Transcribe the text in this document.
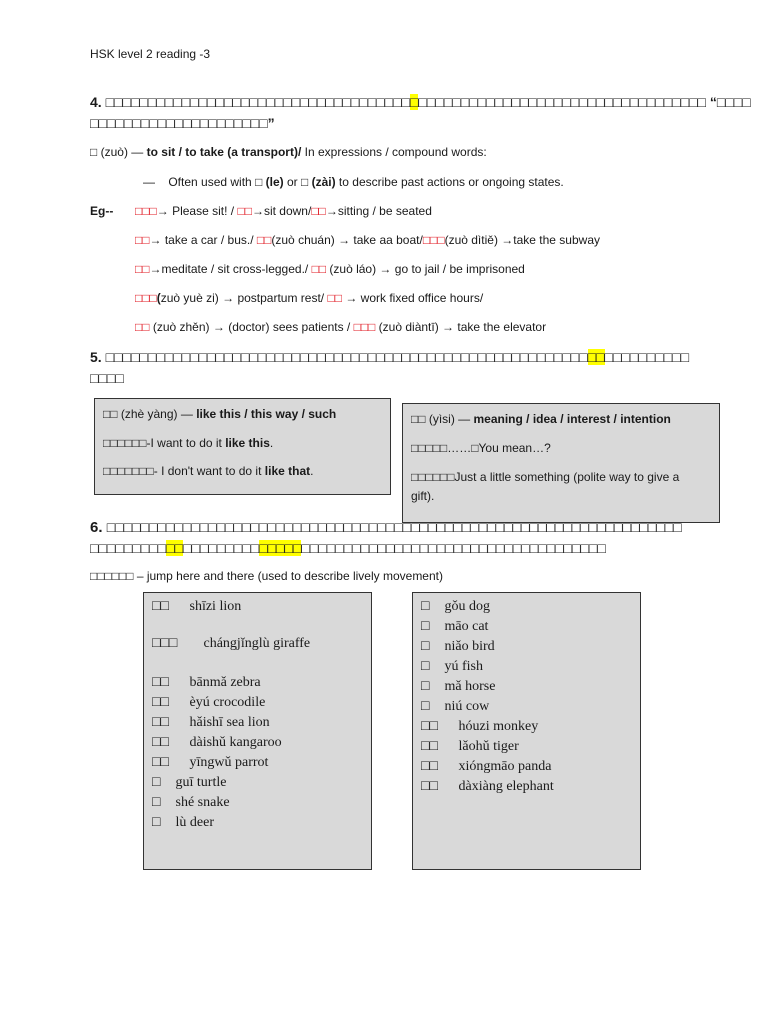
HSK level 2 reading -3
4. □□□□□□□□□□□□□□□□□□□□□□□□□□□□□□□□□□□□□□□□□□□□□□□□□□□□□□□□□□□□□□□□□□□□□□□ “□□□□
□□□□□□□□□□□□□□□□□□□□□”
□ (zuò) — to sit / to take (a transport)/ In expressions / compound words:
— Often used with □ (le) or □ (zài) to describe past actions or ongoing states.
Eg-- □□□→ Please sit! / □□→sit down/□□→sitting / be seated
□□→ take a car / bus./ □□(zuò chuán) → take aa boat/□□□(zuò dìtiě) →take the subway
□□→meditate / sit cross-legged./ □□ (zuò láo) → go to jail / be imprisoned
□□□(zuò yuè zi) → postpartum rest/ □□ → work fixed office hours/
□□ (zuò zhěn) → (doctor) sees patients / □□□ (zuò diàntī) → take the elevator
5. □□□□□□□□□□□□□□□□□□□□□□□□□□□□□□□□□□□□□□□□□□□□□□□□□□□□□□□□□□□□□□□□□□□□□
□□□□
□□ (zhè yàng) — like this / this way / such
□□□□□□-I want to do it like this.
□□□□□□□- I don't want to do it like that.
□□ (yìsi) — meaning / idea / interest / intention
□□□□□……□You mean…?
□□□□□□Just a little something (polite way to give a
gift).
6. □□□□□□□□□□□□□□□□□□□□□□□□□□□□□□□□□□□□□□□□□□□□□□□□□□□□□□□□□□□□□□□□□□□□
□□□□□□□□□□□□□□□□□□□□□□□□□□□□□□□□□□□□□□□□□□□□□□□□□□□□□□□□□□□□□
□□□□□□ – jump here and there (used to describe lively movement)
□□ shīzi lion
□□□ chángjǐnglù giraffe
□□ bānmǎ zebra
□□ èyú crocodile
□□ hǎishī sea lion
□□ dàishǔ kangaroo
□□ yīngwǔ parrot
□ guī turtle
□ shé snake
□ lù deer
□ gǒu dog
□ māo cat
□ niǎo bird
□ yú fish
□ mǎ horse
□ niú cow
□□ hóuzi monkey
□□ lǎohǔ tiger
□□ xióngmāo panda
□□ dàxiàng elephant
